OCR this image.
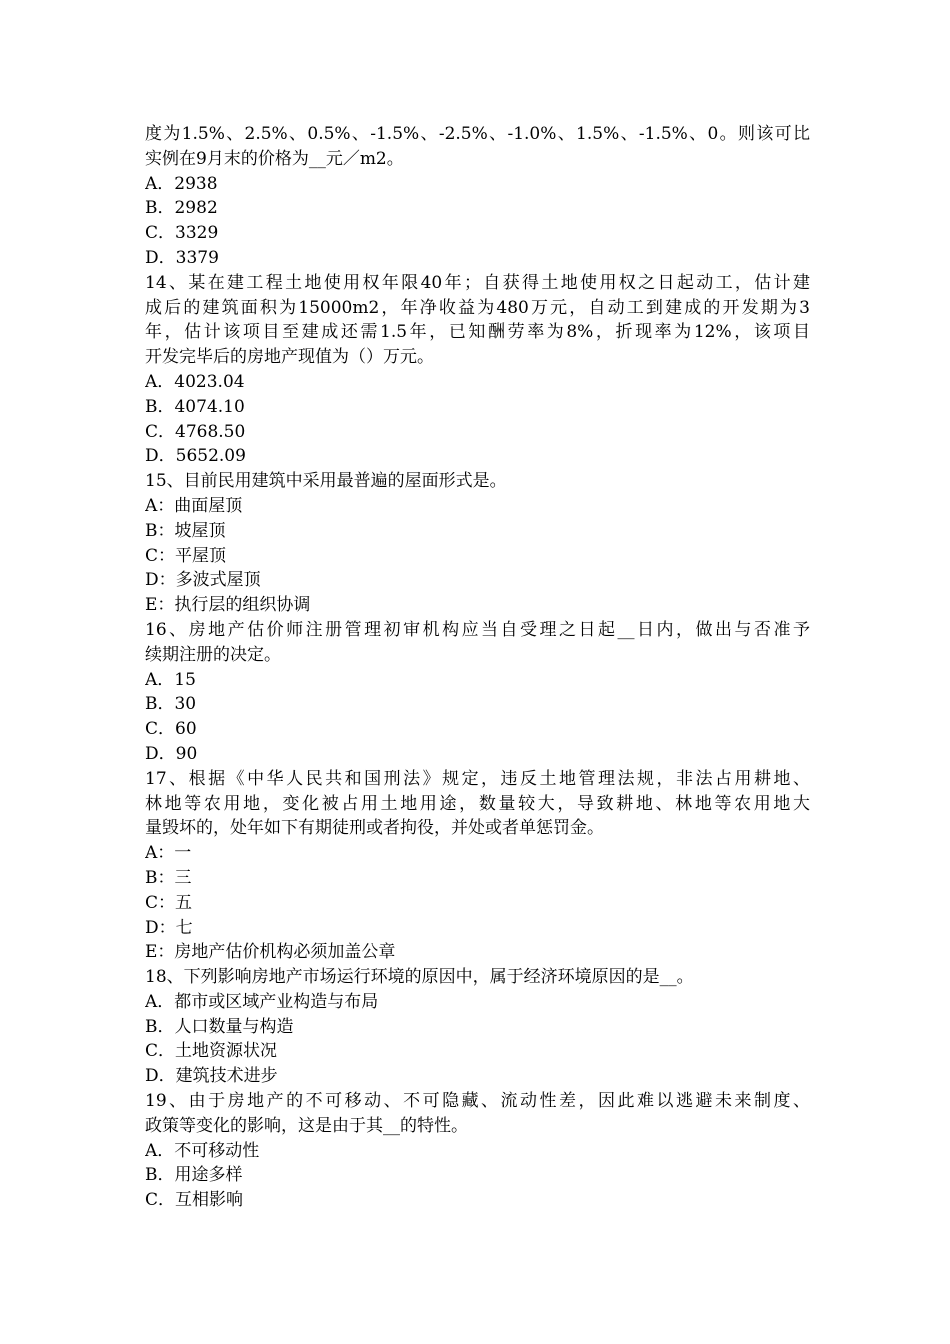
度为1.5%、2.5%、0.5%、-1.5%、-2.5%、-1.0%、1.5%、-1.5%、0。则该可比
实例在9月末的价格为__元／m2。
A．2938
B．2982
C．3329
D．3379
14、某在建工程土地使用权年限40年；自获得土地使用权之日起动工，估计建
成后的建筑面积为15000m2，年净收益为480万元，自动工到建成的开发期为3
年，估计该项目至建成还需1.5年，已知酬劳率为8%，折现率为12%，该项目
开发完毕后的房地产现值为（）万元。
A．4023.04
B．4074.10
C．4768.50
D．5652.09
15、目前民用建筑中采用最普遍的屋面形式是。
A：曲面屋顶
B：坡屋顶
C：平屋顶
D：多波式屋顶
E：执行层的组织协调
16、房地产估价师注册管理初审机构应当自受理之日起__日内，做出与否准予
续期注册的决定。
A．15
B．30
C．60
D．90
17、根据《中华人民共和国刑法》规定，违反土地管理法规，非法占用耕地、
林地等农用地，变化被占用土地用途，数量较大，导致耕地、林地等农用地大
量毁坏的，处年如下有期徒刑或者拘役，并处或者单惩罚金。
A：一
B：三
C：五
D：七
E：房地产估价机构必须加盖公章
18、下列影响房地产市场运行环境的原因中，属于经济环境原因的是__。
A．都市或区域产业构造与布局
B．人口数量与构造
C．土地资源状况
D．建筑技术进步
19、由于房地产的不可移动、不可隐藏、流动性差，因此难以逃避未来制度、
政策等变化的影响，这是由于其__的特性。
A．不可移动性
B．用途多样
C．互相影响
